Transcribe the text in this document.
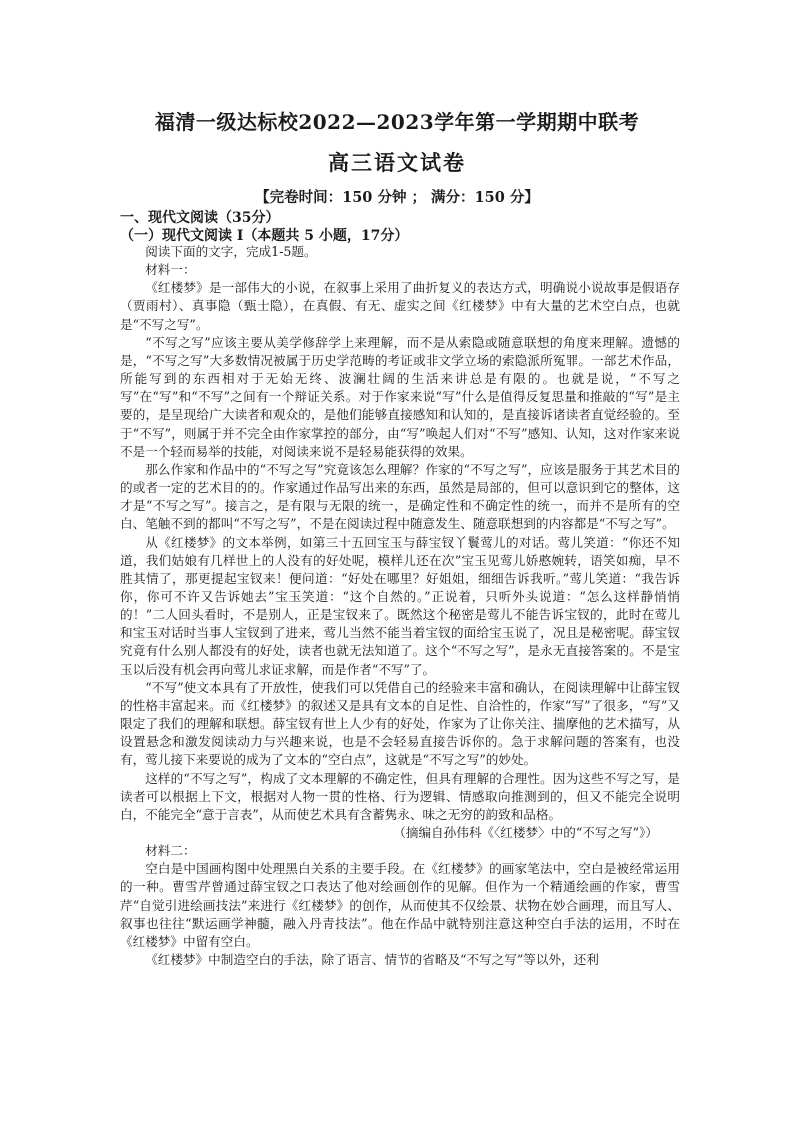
福清一级达标校2022—2023学年第一学期期中联考
高三语文试卷
【完卷时间：150 分钟 ； 满分：150 分】
一、现代文阅读（35分）
（一）现代文阅读 I（本题共 5 小题，17分）

阅读下面的文字，完成1-5题。

材料一：

《红楼梦》是一部伟大的小说，在叙事上采用了曲折复义的表达方式，明确说小说故事是假语存（贾雨村）、真事隐（甄士隐），在真假、有无、虚实之间《红楼梦》中有大量的艺术空白点，也就是“不写之写”。

“不写之写”应该主要从美学修辞学上来理解，而不是从索隐或随意联想的角度来理解。遗憾的是，“不写之写”大多数情况被属于历史学范畴的考证或非文学立场的索隐派所冤罪。一部艺术作品，所能写到的东西相对于无始无终、波澜壮阔的生活来讲总是有限的。也就是说，“不写之写”在“写”和“不写”之间有一个辩证关系。对于作家来说“写”什么是值得反复思量和推敲的“写”是主要的，是呈现给广大读者和观众的，是他们能够直接感知和认知的，是直接诉诸读者直觉经验的。至于“不写”，则属于并不完全由作家掌控的部分，由“写”唤起人们对“不写”感知、认知，这对作家来说不是一个轻而易举的技能，对阅读来说不是轻易能获得的效果。

那么作家和作品中的“不写之写”究竟该怎么理解？作家的“不写之写”，应该是服务于其艺术目的的或者一定的艺术目的的。作家通过作品写出来的东西，虽然是局部的，但可以意识到它的整体，这才是“不写之写”。接言之，是有限与无限的统一，是确定性和不确定性的统一，而并不是所有的空白、笔触不到的都叫“不写之写”，不是在阅读过程中随意发生、随意联想到的内容都是“不写之写”。

从《红楼梦》的文本举例，如第三十五回宝玉与薛宝钗丫鬟莺儿的对话。莺儿笑道：“你还不知道，我们姑娘有几样世上的人没有的好处呢，模样儿还在次”宝玉见莺儿娇憨婉转，语笑如痴，早不胜其情了，那更提起宝钗来！便问道：“好处在哪里？好姐姐，细细告诉我听。”莺儿笑道：“我告诉你，你可不许又告诉她去”宝玉笑道：“这个自然的。”正说着，只听外头说道：“怎么这样静悄悄的！”二人回头看时，不是别人，正是宝钗来了。既然这个秘密是莺儿不能告诉宝钗的，此时在莺儿和宝玉对话时当事人宝钗到了进来，莺儿当然不能当着宝钗的面给宝玉说了，况且是秘密呢。薛宝钗究竟有什么别人都没有的好处，读者也就无法知道了。这个“不写之写”，是永无直接答案的。不是宝玉以后没有机会再向莺儿求证求解，而是作者“不写”了。

“不写”使文本具有了开放性，使我们可以凭借自己的经验来丰富和确认，在阅读理解中让薛宝钗的性格丰富起来。而《红楼梦》的叙述又是具有文本的自足性、自洽性的，作家“写”了很多，“写”又限定了我们的理解和联想。薛宝钗有世上人少有的好处，作家为了让你关注、揣摩他的艺术描写，从设置悬念和激发阅读动力与兴趣来说，也是不会轻易直接告诉你的。急于求解问题的答案有，也没有，莺儿接下来要说的成为了文本的“空白点”，这就是“不写之写”的妙处。

这样的“不写之写”，构成了文本理解的不确定性，但具有理解的合理性。因为这些不写之写，是读者可以根据上下文，根据对人物一贯的性格、行为逻辑、情感取向推测到的，但又不能完全说明白，不能完全“意于言表”，从而使艺术具有含蓄隽永、味之无穷的韵致和品格。

（摘编自孙伟科《〈红楼梦〉中的“不写之写”》）

材料二：

空白是中国画构图中处理黑白关系的主要手段。在《红楼梦》的画家笔法中，空白是被经常运用的一种。曹雪芹曾通过薛宝钗之口表达了他对绘画创作的见解。但作为一个精通绘画的作家，曹雪芹“自觉引进绘画技法”来进行《红楼梦》的创作，从而使其不仅绘景、状物在妙合画理，而且写人、叙事也往往“默运画学神髓，融入丹青技法”。他在作品中就特别注意这种空白手法的运用，不时在《红楼梦》中留有空白。

《红楼梦》中制造空白的手法，除了语言、情节的省略及“不写之写”等以外，还利
